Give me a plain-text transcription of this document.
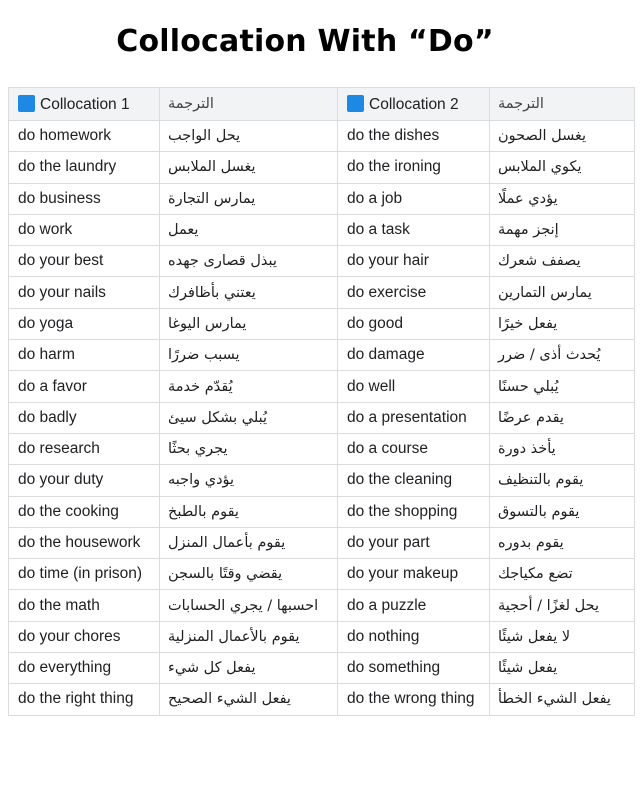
Collocation With “Do”
Collocation 1	الترجمة	Collocation 2	الترجمة
do homework	يحل الواجب	do the dishes	يغسل الصحون
do the laundry	يغسل الملابس	do the ironing	يكوي الملابس
do business	يمارس التجارة	do a job	يؤدي عملًا
do work	يعمل	do a task	إنجز مهمة
do your best	يبذل قصارى جهده	do your hair	يصفف شعرك
do your nails	يعتني بأظافرك	do exercise	يمارس التمارين
do yoga	يمارس اليوغا	do good	يفعل خيرًا
do harm	يسبب ضررًا	do damage	يُحدث أذى / ضرر
do a favor	يُقدّم خدمة	do well	يُبلي حسنًا
do badly	يُبلي بشكل سيئ	do a presentation	يقدم عرضًا
do research	يجري بحثًا	do a course	يأخذ دورة
do your duty	يؤدي واجبه	do the cleaning	يقوم بالتنظيف
do the cooking	يقوم بالطبخ	do the shopping	يقوم بالتسوق
do the housework	يقوم بأعمال المنزل	do your part	يقوم بدوره
do time (in prison)	يقضي وقتًا بالسجن	do your makeup	تضع مكياجك
do the math	احسبها / يجري الحسابات	do a puzzle	يحل لغزًا / أحجية
do your chores	يقوم بالأعمال المنزلية	do nothing	لا يفعل شيئًا
do everything	يفعل كل شيء	do something	يفعل شيئًا
do the right thing	يفعل الشيء الصحيح	do the wrong thing	يفعل الشيء الخطأ
